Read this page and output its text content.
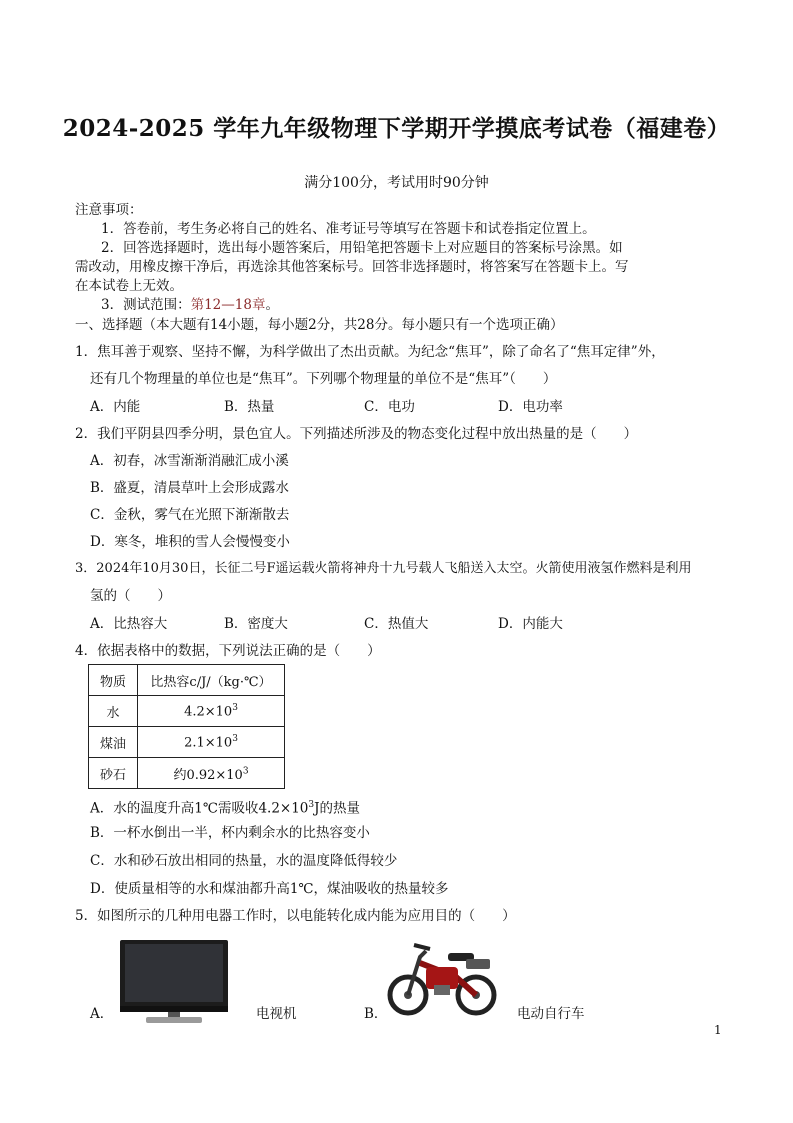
2024-2025 学年九年级物理下学期开学摸底考试卷（福建卷）
满分100分，考试用时90分钟
注意事项：
1．答卷前，考生务必将自己的姓名、准考证号等填写在答题卡和试卷指定位置上。
2．回答选择题时，选出每小题答案后，用铅笔把答题卡上对应题目的答案标号涂黑。如
需改动，用橡皮擦干净后，再选涂其他答案标号。回答非选择题时，将答案写在答题卡上。写
在本试卷上无效。
3．测试范围：第12—18章。
一、选择题（本大题有14小题，每小题2分，共28分。每小题只有一个选项正确）
1．焦耳善于观察、坚持不懈，为科学做出了杰出贡献。为纪念“焦耳”，除了命名了“焦耳定律”外，
还有几个物理量的单位也是“焦耳”。下列哪个物理量的单位不是“焦耳”（　　）
A．内能	B．热量	C．电功	D．电功率
2．我们平阴县四季分明，景色宜人。下列描述所涉及的物态变化过程中放出热量的是（　　）
A．初春，冰雪渐渐消融汇成小溪
B．盛夏，清晨草叶上会形成露水
C．金秋，雾气在光照下渐渐散去
D．寒冬，堆积的雪人会慢慢变小
3．2024年10月30日，长征二号F遥运载火箭将神舟十九号载人飞船送入太空。火箭使用液氢作燃料是利用
氢的（　　）
A．比热容大	B．密度大	C．热值大	D．内能大
4．依据表格中的数据，下列说法正确的是（　　）
物质	比热容c/J/（kg·℃）
水	$4.2\times 10^3$
煤油	$2.1\times 10^3$
砂石	约$0.92\times 10^3$
A．水的温度升高1℃需吸收$4.2\times 10^3J$的热量
B．一杯水倒出一半，杯内剩余水的比热容变小
C．水和砂石放出相同的热量，水的温度降低得较少
D．使质量相等的水和煤油都升高1℃，煤油吸收的热量较多
5．如图所示的几种用电器工作时，以电能转化成内能为应用目的（　　）
A．	电视机	B．	电动自行车
1
